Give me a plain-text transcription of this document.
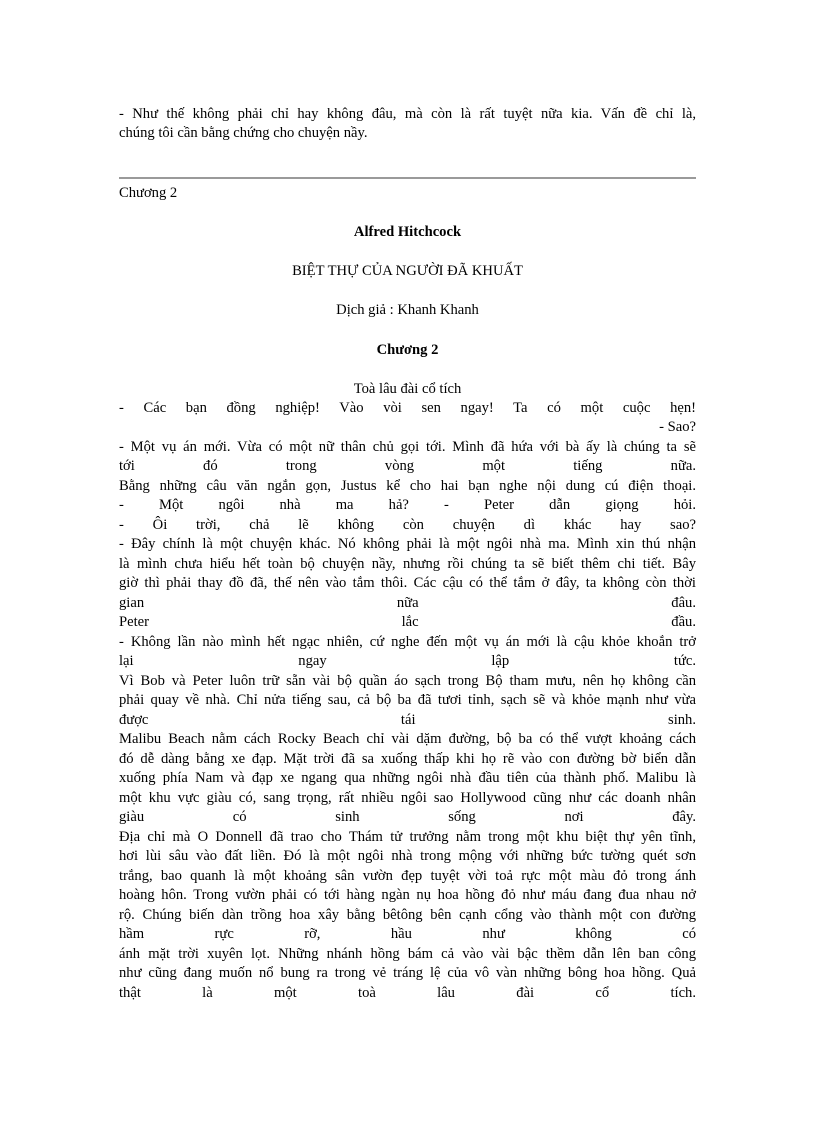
- Như thế không phải chỉ hay không đâu, mà còn là rất tuyệt nữa kia. Vấn đề chỉ là,
chúng tôi cần bằng chứng cho chuyện nầy.
Chương 2
Alfred Hitchcock
BIỆT THỰ CỦA NGƯỜI ĐÃ KHUẤT
Dịch giả : Khanh Khanh
Chương 2
Toà lâu đài cổ tích
- Các bạn đồng nghiệp! Vào vòi sen ngay! Ta có một cuộc hẹn!
- Sao?
- Một vụ án mới. Vừa có một nữ thân chủ gọi tới. Mình đã hứa với bà ấy là chúng ta sẽ
tới đó trong vòng một tiếng nữa.
Bằng những câu văn ngắn gọn, Justus kể cho hai bạn nghe nội dung cú điện thoại.
- Một ngôi nhà ma hả? - Peter dẫn giọng hỏi.
- Ôi trời, chả lẽ không còn chuyện dì khác hay sao?
- Đây chính là một chuyện khác. Nó không phải là một ngôi nhà ma. Mình xin thú nhận
là mình chưa hiểu hết toàn bộ chuyện nầy, nhưng rồi chúng ta sẽ biết thêm chi tiết. Bây
giờ thì phải thay đồ đã, thế nên vào tắm thôi. Các cậu có thể tắm ở đây, ta không còn thời
gian nữa đâu.
Peter lắc đầu.
- Không lần nào mình hết ngạc nhiên, cứ nghe đến một vụ án mới là cậu khỏe khoắn trở
lại ngay lập tức.
Vì Bob và Peter luôn trữ sẵn vài bộ quần áo sạch trong Bộ tham mưu, nên họ không cần
phải quay về nhà. Chỉ nửa tiếng sau, cả bộ ba đã tươi tỉnh, sạch sẽ và khỏe mạnh như vừa
được tái sinh.
Malibu Beach nằm cách Rocky Beach chỉ vài dặm đường, bộ ba có thể vượt khoảng cách
đó dễ dàng bằng xe đạp. Mặt trời đã sa xuống thấp khi họ rẽ vào con đường bờ biển dẫn
xuống phía Nam và đạp xe ngang qua những ngôi nhà đầu tiên của thành phố. Malibu là
một khu vực giàu có, sang trọng, rất nhiều ngôi sao Hollywood cũng như các doanh nhân
giàu có sinh sống nơi đây.
Địa chỉ mà O Donnell đã trao cho Thám tử trưởng nằm trong một khu biệt thự yên tĩnh,
hơi lùi sâu vào đất liền. Đó là một ngôi nhà trong mộng với những bức tường quét sơn
trắng, bao quanh là một khoảng sân vườn đẹp tuyệt vời toả rực một màu đỏ trong ánh
hoàng hôn. Trong vườn phải có tới hàng ngàn nụ hoa hồng đỏ như máu đang đua nhau nở
rộ. Chúng biến dàn trồng hoa xây bằng bêtông bên cạnh cổng vào thành một con đường
hầm rực rỡ, hầu như không có
ánh mặt trời xuyên lọt. Những nhánh hồng bám cả vào vài bậc thềm dẫn lên ban công
như cũng đang muốn nổ bung ra trong vẻ tráng lệ của vô vàn những bông hoa hồng. Quả
thật là một toà lâu đài cổ tích.
